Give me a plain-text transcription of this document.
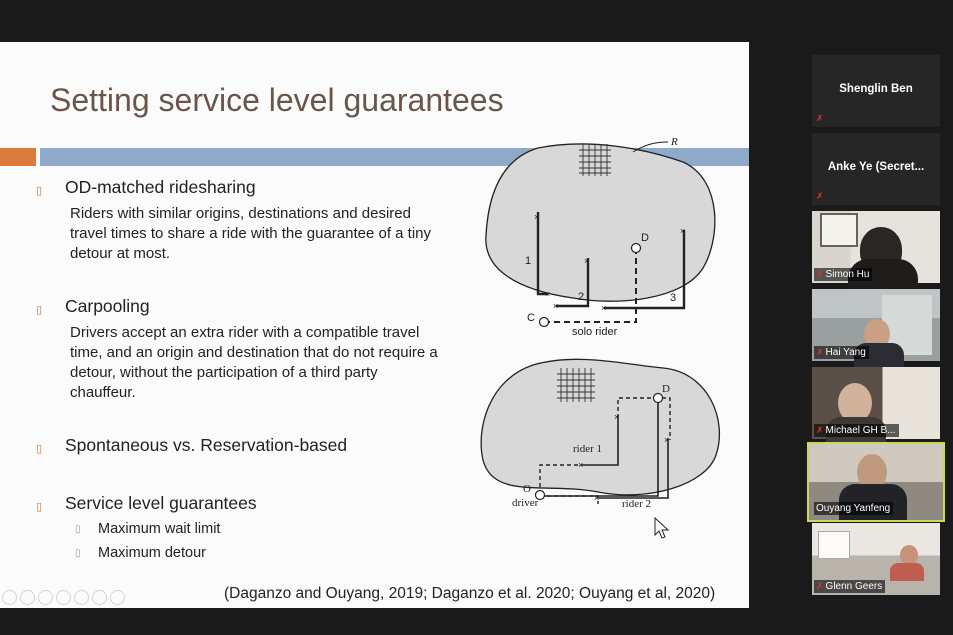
Setting service level guarantees
▯ OD-matched ridesharing
Riders with similar origins, destinations and desired travel times to share a ride with the guarantee of a tiny detour at most.
▯ Carpooling
Drivers accept an extra rider with a compatible travel time, and an origin and destination that do not require a detour, without the participation of a third party chauffeur.
▯ Spontaneous vs. Reservation-based
▯ Service level guarantees
▯ Maximum wait limit
▯ Maximum detour
R
×
1
×
×
×
2
×
×
3
C
D
solo rider
×
×
×
×
D
O
driver
rider 1
rider 2
(Daganzo and Ouyang, 2019; Daganzo et al. 2020; Ouyang et al, 2020)
Shenglin Ben
✗
Anke Ye (Secret...
✗
✗ Simon Hu
✗ Hai Yang
✗ Michael GH B...
Ouyang Yanfeng
✗ Glenn Geers
